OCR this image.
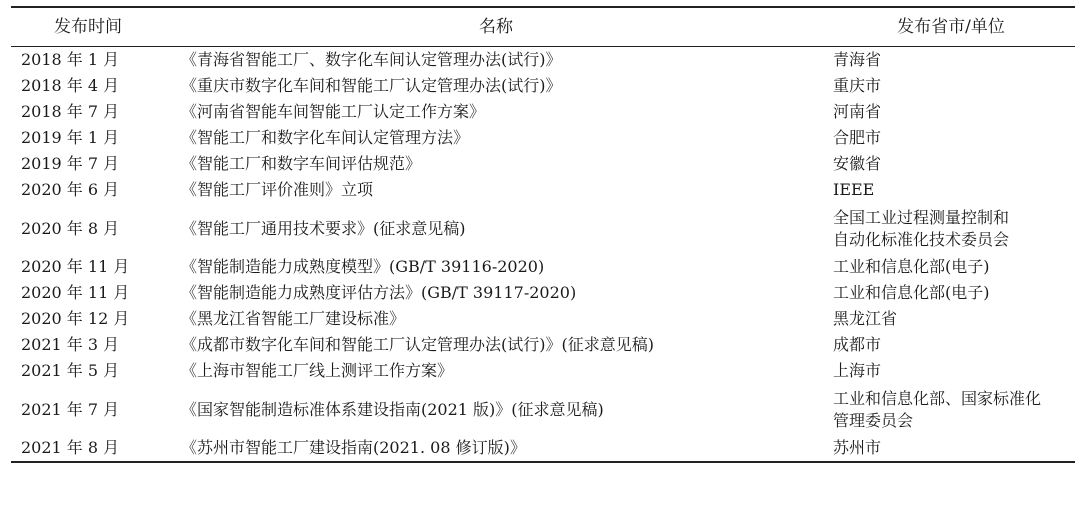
发布时间	名称	发布省市/单位
2018 年 1 月	《青海省智能工厂、数字化车间认定管理办法(试行)》	青海省

2018 年 4 月	《重庆市数字化车间和智能工厂认定管理办法(试行)》	重庆市

2018 年 7 月	《河南省智能车间智能工厂认定工作方案》	河南省

2019 年 1 月	《智能工厂和数字化车间认定管理方法》	合肥市

2019 年 7 月	《智能工厂和数字车间评估规范》	安徽省

2020 年 6 月	《智能工厂评价准则》立项	IEEE

2020 年 8 月	《智能工厂通用技术要求》(征求意见稿)	全国工业过程测量控制和
自动化标准化技术委员会

2020 年 11 月	《智能制造能力成熟度模型》(GB/T 39116-2020)	工业和信息化部(电子)

2020 年 11 月	《智能制造能力成熟度评估方法》(GB/T 39117-2020)	工业和信息化部(电子)

2020 年 12 月	《黑龙江省智能工厂建设标准》	黑龙江省

2021 年 3 月	《成都市数字化车间和智能工厂认定管理办法(试行)》(征求意见稿)	成都市

2021 年 5 月	《上海市智能工厂线上测评工作方案》	上海市

2021 年 7 月	《国家智能制造标准体系建设指南(2021 版)》(征求意见稿)	工业和信息化部、国家标准化
管理委员会

2021 年 8 月	《苏州市智能工厂建设指南(2021. 08 修订版)》	苏州市
